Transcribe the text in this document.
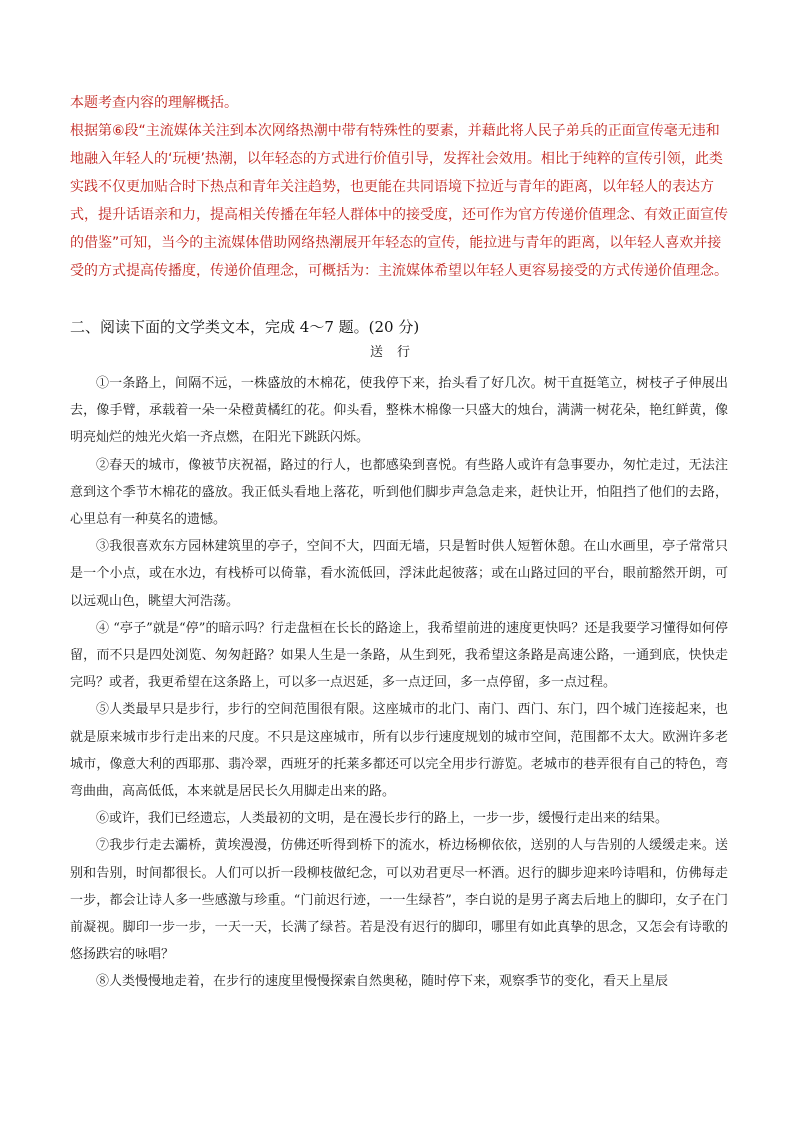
本题考查内容的理解概括。

根据第⑥段“主流媒体关注到本次网络热潮中带有特殊性的要素，并藉此将人民子弟兵的正面宣传毫无违和地融入年轻人的‘玩梗’热潮，以年轻态的方式进行价值引导，发挥社会效用。相比于纯粹的宣传引领，此类实践不仅更加贴合时下热点和青年关注趋势，也更能在共同语境下拉近与青年的距离，以年轻人的表达方式，提升话语亲和力，提高相关传播在年轻人群体中的接受度，还可作为官方传递价值理念、有效正面宣传的借鉴”可知，当今的主流媒体借助网络热潮展开年轻态的宣传，能拉进与青年的距离，以年轻人喜欢并接受的方式提高传播度，传递价值理念，可概括为：主流媒体希望以年轻人更容易接受的方式传递价值理念。

二、阅读下面的文学类文本，完成 4～7 题。(20 分)
送行

①一条路上，间隔不远，一株盛放的木棉花，使我停下来，抬头看了好几次。树干直挺笔立，树枝孑孑伸展出去，像手臂，承载着一朵一朵橙黄橘红的花。仰头看，整株木棉像一只盛大的烛台，满满一树花朵，艳红鲜黄，像明亮灿烂的烛光火焰一齐点燃，在阳光下跳跃闪烁。

②春天的城市，像被节庆祝福，路过的行人，也都感染到喜悦。有些路人或许有急事要办，匆忙走过，无法注意到这个季节木棉花的盛放。我正低头看地上落花，听到他们脚步声急急走来，赶快让开，怕阻挡了他们的去路，心里总有一种莫名的遗憾。

③我很喜欢东方园林建筑里的亭子，空间不大，四面无墙，只是暂时供人短暂休憩。在山水画里，亭子常常只是一个小点，或在水边，有栈桥可以倚靠，看水流低回，浮沫此起彼落；或在山路过回的平台，眼前豁然开朗，可以远观山色，眺望大河浩荡。

④ “亭子”就是“停”的暗示吗？行走盘桓在长长的路途上，我希望前进的速度更快吗？还是我要学习懂得如何停留，而不只是四处浏览、匆匆赶路？如果人生是一条路，从生到死，我希望这条路是高速公路，一通到底，快快走完吗？或者，我更希望在这条路上，可以多一点迟延，多一点迂回，多一点停留，多一点过程。

⑤人类最早只是步行，步行的空间范围很有限。这座城市的北门、南门、西门、东门，四个城门连接起来，也就是原来城市步行走出来的尺度。不只是这座城市，所有以步行速度规划的城市空间，范围都不太大。欧洲许多老城市，像意大利的西耶那、翡冷翠，西班牙的托莱多都还可以完全用步行游览。老城市的巷弄很有自己的特色，弯弯曲曲，高高低低，本来就是居民长久用脚走出来的路。

⑥或许，我们已经遗忘，人类最初的文明，是在漫长步行的路上，一步一步，缓慢行走出来的结果。

⑦我步行走去灞桥，黄埃漫漫，仿佛还听得到桥下的流水，桥边杨柳依依，送别的人与告别的人缓缓走来。送别和告别，时间都很长。人们可以折一段柳枝做纪念，可以劝君更尽一杯酒。迟行的脚步迎来吟诗唱和，仿佛每走一步，都会让诗人多一些感激与珍重。“门前迟行迹，一一生绿苔”，李白说的是男子离去后地上的脚印，女子在门前凝视。脚印一步一步，一天一天，长满了绿苔。若是没有迟行的脚印，哪里有如此真挚的思念，又怎会有诗歌的悠扬跌宕的咏唱？

⑧人类慢慢地走着，在步行的速度里慢慢探索自然奥秘，随时停下来，观察季节的变化，看天上星辰
